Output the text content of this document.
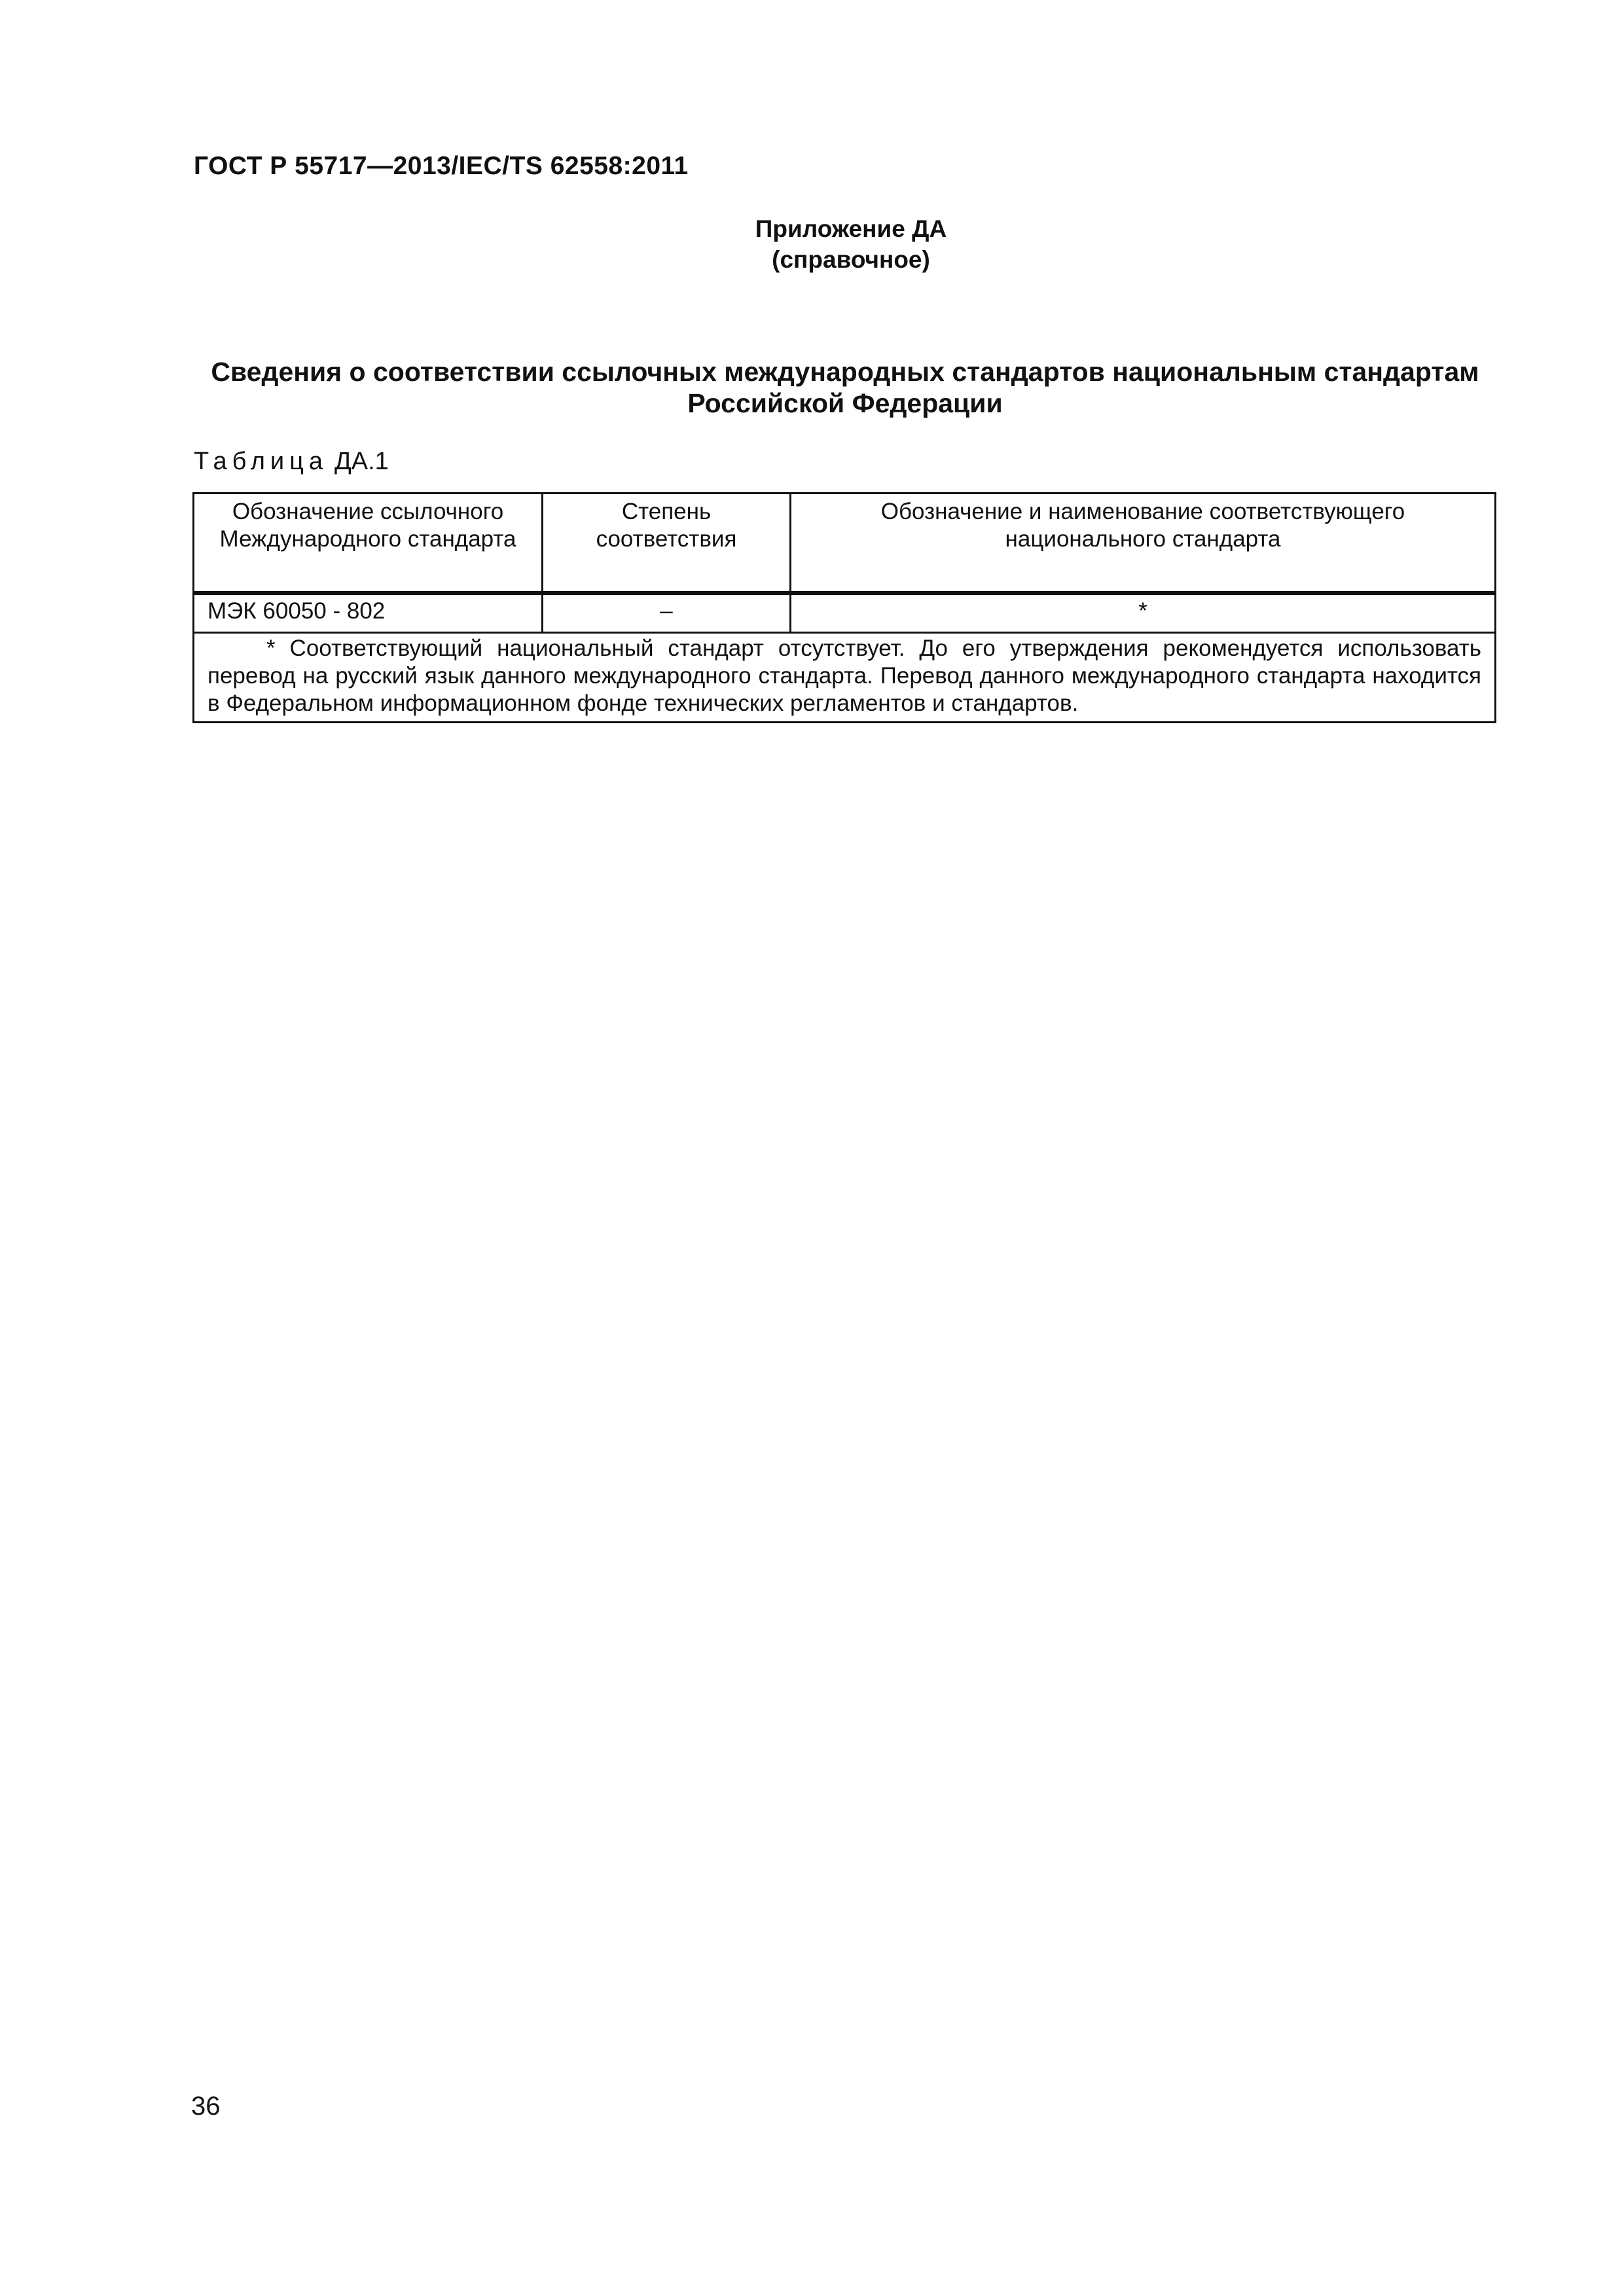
ГОСТ Р 55717—2013/IEC/TS 62558:2011
Приложение ДА
(справочное)
Сведения о соответствии ссылочных международных стандартов национальным стандартам
Российской Федерации
Таблица ДА.1
Обозначение ссылочного Международного стандарта	Степень соответствия	Обозначение и наименование соответствующего национального стандарта
МЭК 60050 - 802	–	*
* Соответствующий национальный стандарт отсутствует. До его утверждения рекомендуется использовать перевод на русский язык данного международного стандарта. Перевод данного международного стандарта находится в Федеральном информационном фонде технических регламентов и стандартов.		
36
